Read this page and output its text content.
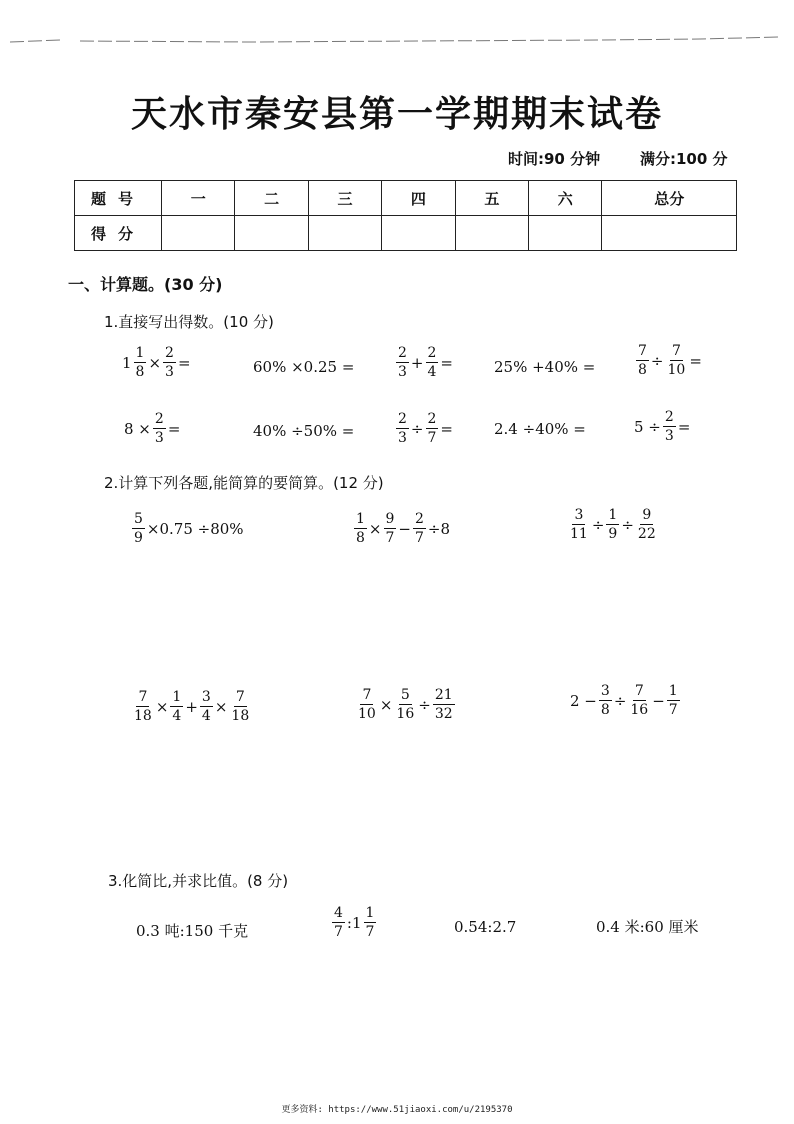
天水市秦安县第一学期期末试卷
时间:90 分钟	满分:100 分
题号	一	二	三	四	五	六	总分
得分							
一、计算题。(30 分)
1.直接写出得数。(10 分)
$1 \frac{1}{8} \times \frac{2}{3}$ =	60% ×0.25 =	$\frac{2}{3} + \frac{2}{4}$ =	25% +40% =	$\frac{7}{8} \div \frac{7}{10}$ =
$8 \times \frac{2}{3}$ =	40% ÷50% =	$\frac{2}{3} \div \frac{2}{7}$ =	2.4 ÷40% =	$5 \div \frac{2}{3}$ =
2.计算下列各题,能简算的要简算。(12 分)
$\frac{5}{9} \times 0.75 \div 80\%$	$\frac{1}{8} \times \frac{9}{7} - \frac{2}{7} \div 8$	$\frac{3}{11} \div \frac{1}{9} \div \frac{9}{22}$
$\frac{7}{18} \times \frac{1}{4} + \frac{3}{4} \times \frac{7}{18}$	$\frac{7}{10} \times \frac{5}{16} \div \frac{21}{32}$	$2 - \frac{3}{8} \div \frac{7}{16} - \frac{1}{7}$
3.化简比,并求比值。(8 分)
0.3 吨:150 千克	$\frac{4}{7}$ :1 $\frac{1}{7}$	0.54:2.7	0.4 米:60 厘米
更多资料: https://www.51jiaoxi.com/u/2195370
